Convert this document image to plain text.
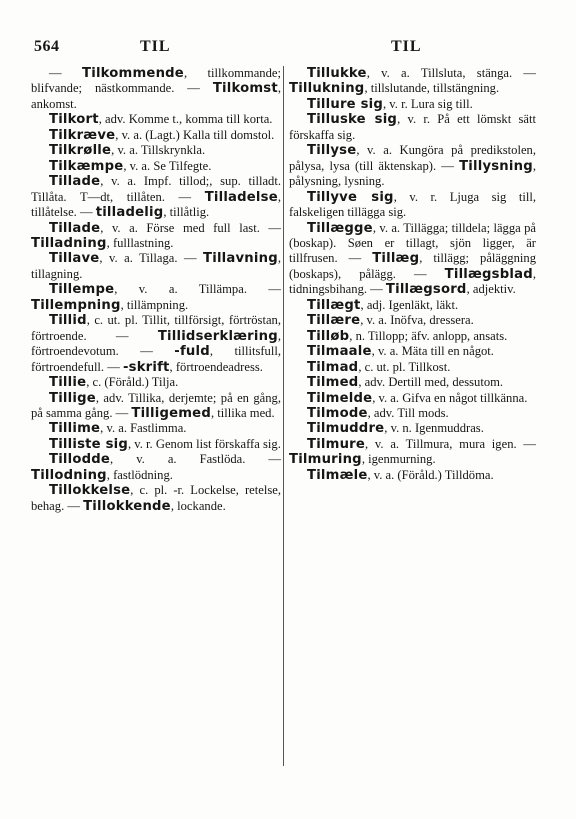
564	TIL	TIL

— Tilkommende, tillkommande; blifvande; nästkommande. — Tilkomst, ankomst.

Tilkort, adv. Komme t., komma till korta.

Tilkræve, v. a. (Lagt.) Kalla till domstol.

Tilkrølle, v. a. Tillskrynkla.

Tilkæmpe, v. a. Se Tilfegte.

Tillade, v. a. Impf. tillod;, sup. tilladt. Tillåta. T—dt, tillåten. — Tilladelse, tillåtelse. — tilladelig, tillåtlig.

Tillade, v. a. Förse med full last. — Tilladning, fulllastning.

Tillave, v. a. Tillaga. — Tillavning, tillagning.

Tillempe, v. a. Tillämpa. — Tillempning, tillämpning.

Tillid, c. ut. pl. Tillit, tillförsigt, förtröstan, förtroende. — Tillidserklæring, förtroendevotum. — -fuld, tillitsfull, förtroendefull. — -skrift, förtroendeadress.

Tillie, c. (Föråld.) Tilja.

Tillige, adv. Tillika, derjemte; på en gång, på samma gång. — Tilligemed, tillika med.

Tillime, v. a. Fastlimma.

Tilliste sig, v. r. Genom list förskaffa sig.

Tillodde, v. a. Fastlöda. — Tillodning, fastlödning.

Tillokkelse, c. pl. -r. Lockelse, retelse, behag. — Tillokkende, lockande.

Tillukke, v. a. Tillsluta, stänga. — Tillukning, tillslutande, tillstängning.

Tillure sig, v. r. Lura sig till.

Tilluske sig, v. r. På ett lömskt sätt förskaffa sig.

Tillyse, v. a. Kungöra på predikstolen, pålysa, lysa (till äktenskap). — Tillysning, pålysning, lysning.

Tillyve sig, v. r. Ljuga sig till, falskeligen tillägga sig.

Tillægge, v. a. Tillägga; tilldela; lägga på (boskap). Søen er tillagt, sjön ligger, är tillfrusen. — Tillæg, tillägg; påläggning (boskaps), pålägg. — Tillægsblad, tidningsbihang. — Tillægsord, adjektiv.

Tillægt, adj. Igenläkt, läkt.

Tillære, v. a. Inöfva, dressera.

Tilløb, n. Tillopp; äfv. anlopp, ansats.

Tilmaale, v. a. Mäta till en något.

Tilmad, c. ut. pl. Tillkost.

Tilmed, adv. Dertill med, dessutom.

Tilmelde, v. a. Gifva en något tillkänna.

Tilmode, adv. Till mods.

Tilmuddre, v. n. Igenmuddras.

Tilmure, v. a. Tillmura, mura igen. — Tilmuring, igenmurning.

Tilmæle, v. a. (Föråld.) Tilldöma.
